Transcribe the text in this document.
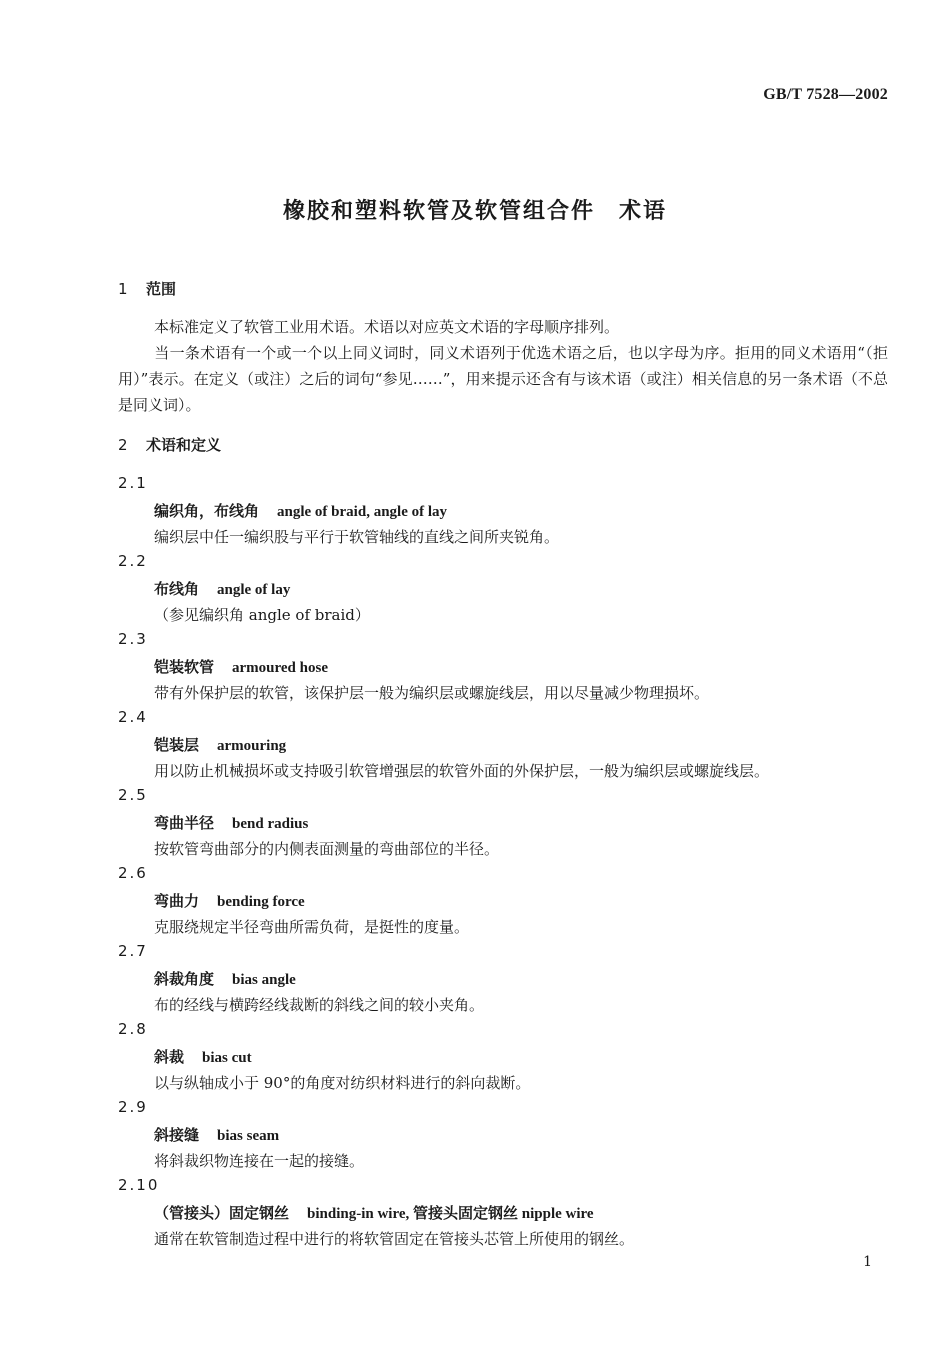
GB/T 7528—2002
橡胶和塑料软管及软管组合件　术语
1 范围
本标准定义了软管工业用术语。术语以对应英文术语的字母顺序排列。
当一条术语有一个或一个以上同义词时，同义术语列于优选术语之后，也以字母为序。拒用的同义术语用“（拒用）”表示。在定义（或注）之后的词句“参见……”，用来提示还含有与该术语（或注）相关信息的另一条术语（不总是同义词）。
2 术语和定义
2.1
编织角，布线角 angle of braid, angle of lay
编织层中任一编织股与平行于软管轴线的直线之间所夹锐角。
2.2
布线角 angle of lay
（参见编织角 angle of braid）
2.3
铠装软管 armoured hose
带有外保护层的软管，该保护层一般为编织层或螺旋线层，用以尽量减少物理损坏。
2.4
铠装层 armouring
用以防止机械损坏或支持吸引软管增强层的软管外面的外保护层，一般为编织层或螺旋线层。
2.5
弯曲半径 bend radius
按软管弯曲部分的内侧表面测量的弯曲部位的半径。
2.6
弯曲力 bending force
克服绕规定半径弯曲所需负荷，是挺性的度量。
2.7
斜裁角度 bias angle
布的经线与横跨经线裁断的斜线之间的较小夹角。
2.8
斜裁 bias cut
以与纵轴成小于 90°的角度对纺织材料进行的斜向裁断。
2.9
斜接缝 bias seam
将斜裁织物连接在一起的接缝。
2.10
（管接头）固定钢丝 binding-in wire, 管接头固定钢丝 nipple wire
通常在软管制造过程中进行的将软管固定在管接头芯管上所使用的钢丝。
1
